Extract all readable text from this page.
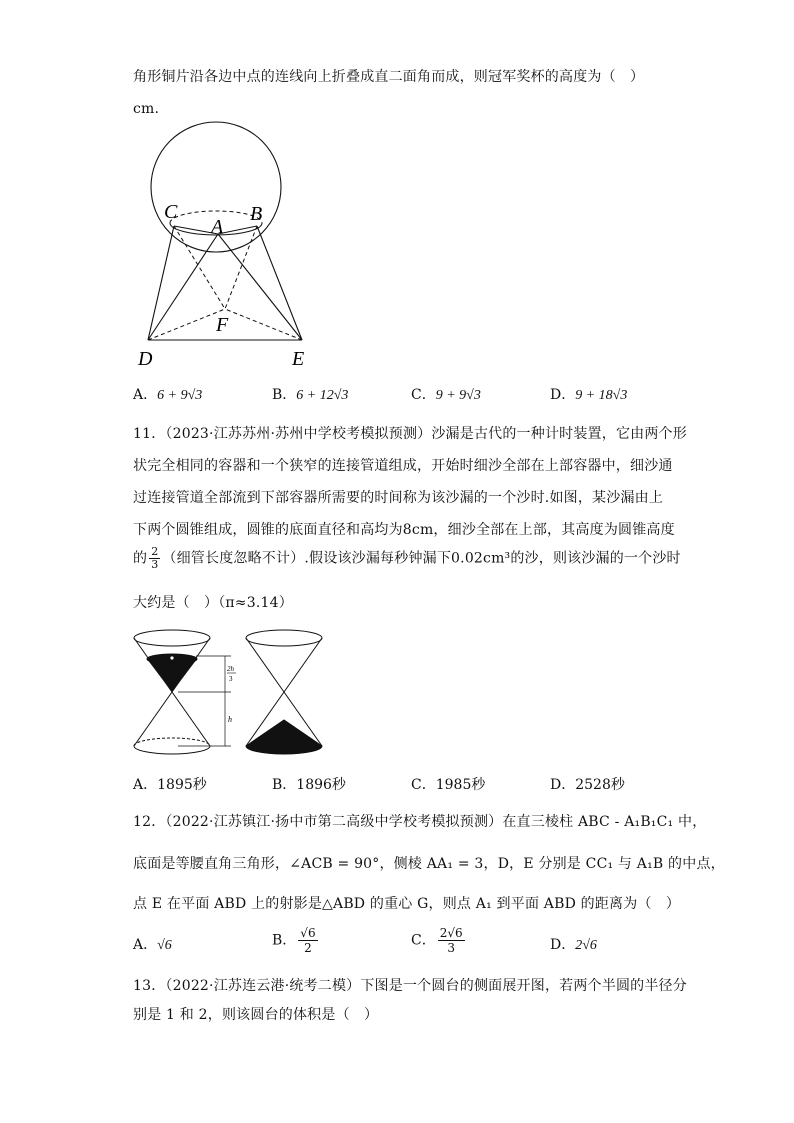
角形铜片沿各边中点的连线向上折叠成直二面角而成，则冠军奖杯的高度为（　）
cm.
C	B
A
F
D	E
A．6 + 9√3	B．6 + 12√3	C．9 + 9√3	D．9 + 18√3
11．（2023·江苏苏州·苏州中学校考模拟预测）沙漏是古代的一种计时装置，它由两个形
状完全相同的容器和一个狭窄的连接管道组成，开始时细沙全部在上部容器中，细沙通
过连接管道全部流到下部容器所需要的时间称为该沙漏的一个沙时.如图，某沙漏由上
下两个圆锥组成，圆锥的底面直径和高均为8cm，细沙全部在上部，其高度为圆锥高度
的 $\frac{2}{3}$ （细管长度忽略不计）.假设该沙漏每秒钟漏下0.02cm³的沙，则该沙漏的一个沙时
大约是（　）（π≈3.14）
2h
3
h
A．1895秒	B．1896秒	C．1985秒	D．2528秒
12．（2022·江苏镇江·扬中市第二高级中学校考模拟预测）在直三棱柱 ABC - A₁B₁C₁ 中，
底面是等腰直角三角形，∠ACB = 90°，侧棱 AA₁ = 3，D，E 分别是 CC₁ 与 A₁B 的中点，
点 E 在平面 ABD 上的射影是△ABD 的重心 G，则点 A₁ 到平面 ABD 的距离为（　）
A．√6	B． $\frac{√6}{2}$	C． $\frac{2√6}{3}$	D．2√6
13．（2022·江苏连云港·统考二模）下图是一个圆台的侧面展开图，若两个半圆的半径分
别是 1 和 2，则该圆台的体积是（　）
